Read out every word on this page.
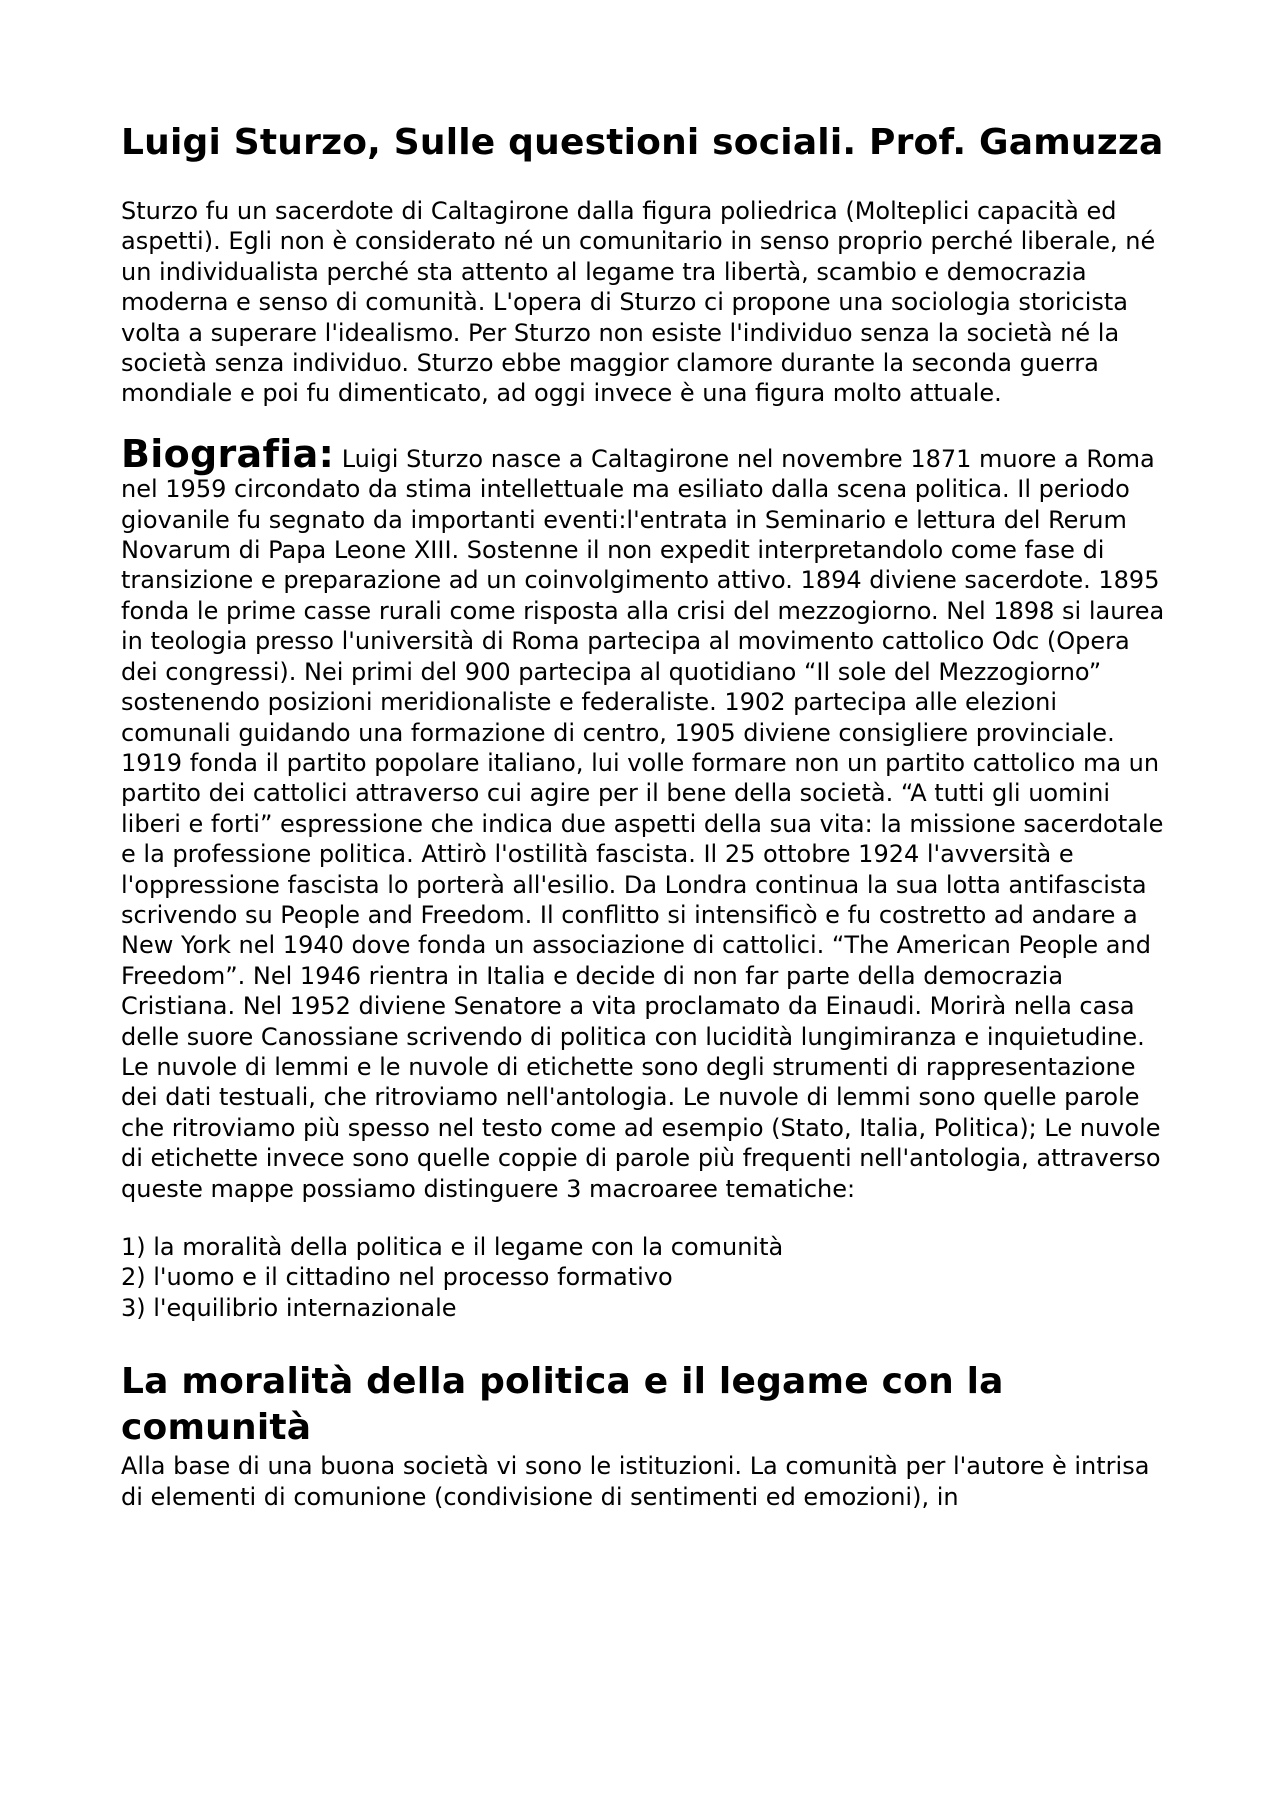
Luigi Sturzo, Sulle questioni sociali. Prof. Gamuzza

Sturzo fu un sacerdote di Caltagirone dalla figura poliedrica (Molteplici capacità ed aspetti). Egli non è considerato né un comunitario in senso proprio perché liberale, né un individualista perché sta attento al legame tra libertà, scambio e democrazia moderna e senso di comunità. L'opera di Sturzo ci propone una sociologia storicista volta a superare l'idealismo. Per Sturzo non esiste l'individuo senza la società né la società senza individuo. Sturzo ebbe maggior clamore durante la seconda guerra mondiale e poi fu dimenticato, ad oggi invece è una figura molto attuale.

Biografia: Luigi Sturzo nasce a Caltagirone nel novembre 1871 muore a Roma nel 1959 circondato da stima intellettuale ma esiliato dalla scena politica. Il periodo giovanile fu segnato da importanti eventi:l'entrata in Seminario e lettura del Rerum Novarum di Papa Leone XIII. Sostenne il non expedit interpretandolo come fase di transizione e preparazione ad un coinvolgimento attivo. 1894 diviene sacerdote. 1895 fonda le prime casse rurali come risposta alla crisi del mezzogiorno. Nel 1898 si laurea in teologia presso l'università di Roma partecipa al movimento cattolico Odc (Opera dei congressi). Nei primi del 900 partecipa al quotidiano “Il sole del Mezzogiorno” sostenendo posizioni meridionaliste e federaliste. 1902 partecipa alle elezioni comunali guidando una formazione di centro, 1905 diviene consigliere provinciale. 1919 fonda il partito popolare italiano, lui volle formare non un partito cattolico ma un partito dei cattolici attraverso cui agire per il bene della società. “A tutti gli uomini liberi e forti” espressione che indica due aspetti della sua vita: la missione sacerdotale e la professione politica. Attirò l'ostilità fascista. Il 25 ottobre 1924 l'avversità e l'oppressione fascista lo porterà all'esilio. Da Londra continua la sua lotta antifascista scrivendo su People and Freedom. Il conflitto si intensificò e fu costretto ad andare a New York nel 1940 dove fonda un associazione di cattolici. “The American People and Freedom”. Nel 1946 rientra in Italia e decide di non far parte della democrazia Cristiana. Nel 1952 diviene Senatore a vita proclamato da Einaudi. Morirà nella casa delle suore Canossiane scrivendo di politica con lucidità lungimiranza e inquietudine. Le nuvole di lemmi e le nuvole di etichette sono degli strumenti di rappresentazione dei dati testuali, che ritroviamo nell'antologia. Le nuvole di lemmi sono quelle parole che ritroviamo più spesso nel testo come ad esempio (Stato, Italia, Politica); Le nuvole di etichette invece sono quelle coppie di parole più frequenti nell'antologia, attraverso queste mappe possiamo distinguere 3 macroaree tematiche:

1) la moralità della politica e il legame con la comunità
2) l'uomo e il cittadino nel processo formativo
3) l'equilibrio internazionale
La moralità della politica e il legame con la comunità

Alla base di una buona società vi sono le istituzioni. La comunità per l'autore è intrisa di elementi di comunione (condivisione di sentimenti ed emozioni), in
